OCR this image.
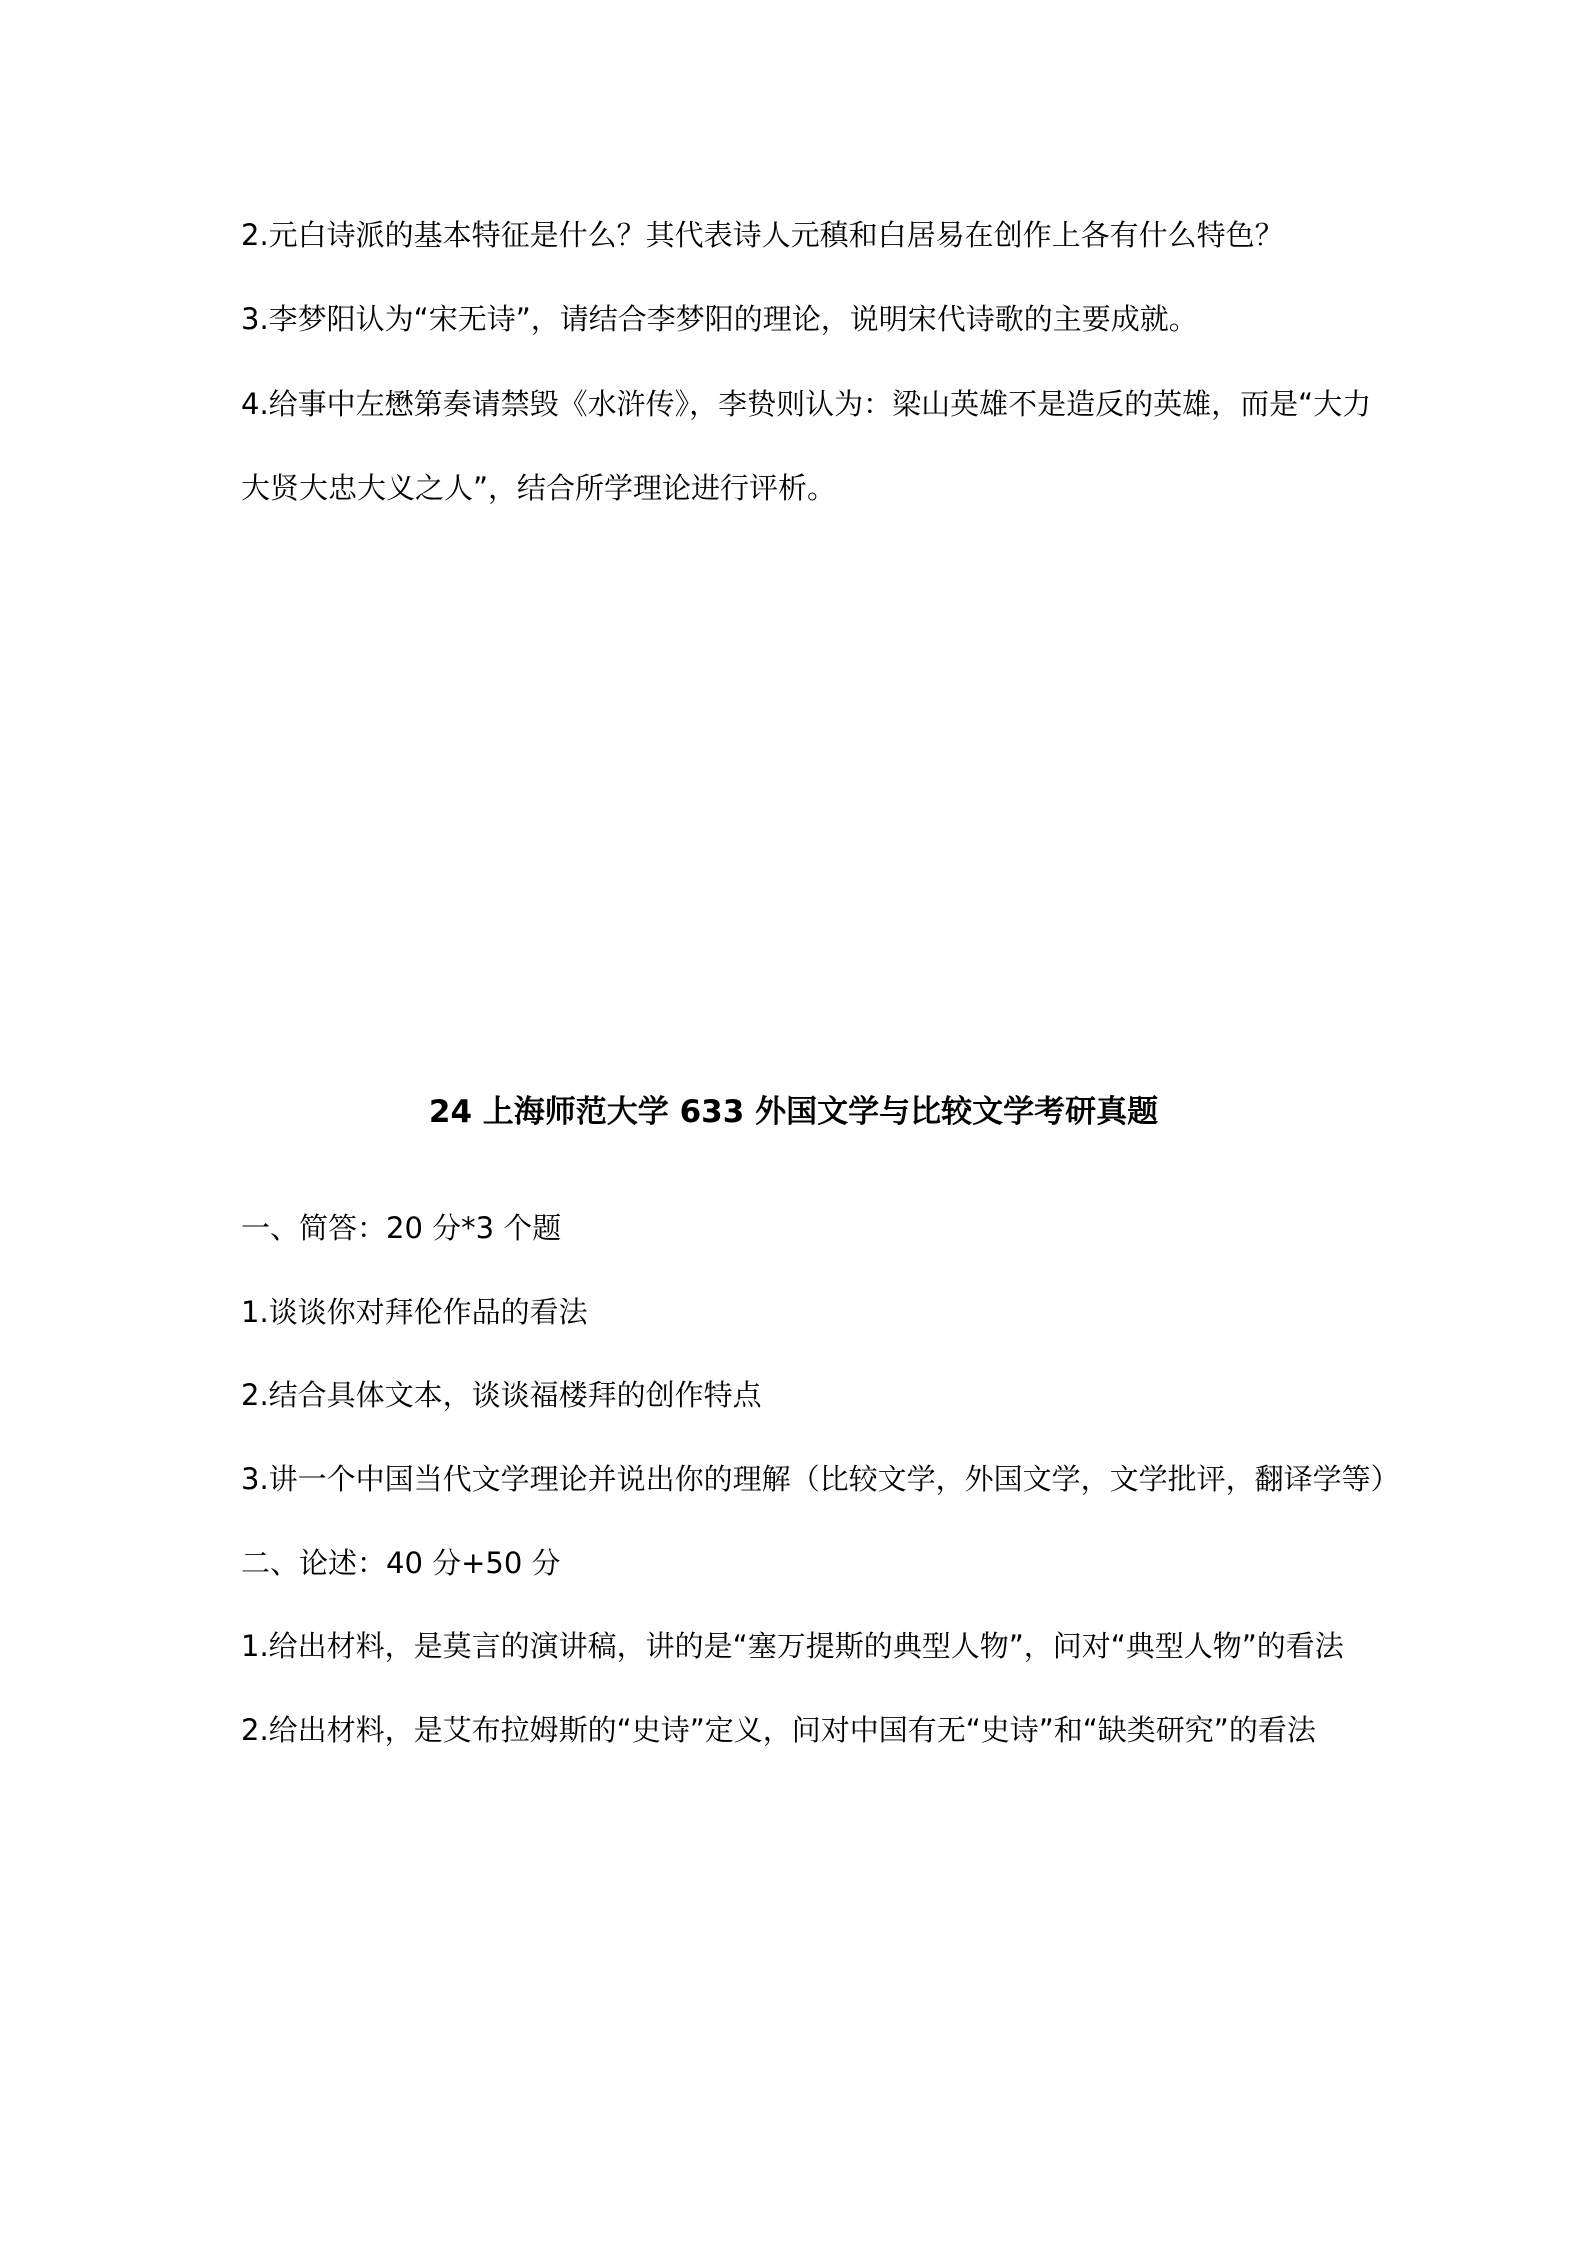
2.元白诗派的基本特征是什么？其代表诗人元稹和白居易在创作上各有什么特色？
3.李梦阳认为“宋无诗”，请结合李梦阳的理论，说明宋代诗歌的主要成就。
4.给事中左懋第奏请禁毁《水浒传》，李贽则认为：梁山英雄不是造反的英雄，而是“大力
大贤大忠大义之人”，结合所学理论进行评析。
24 上海师范大学 633 外国文学与比较文学考研真题
一、简答：20 分*3 个题
1.谈谈你对拜伦作品的看法
2.结合具体文本，谈谈福楼拜的创作特点
3.讲一个中国当代文学理论并说出你的理解（比较文学，外国文学，文学批评，翻译学等）
二、论述：40 分+50 分
1.给出材料，是莫言的演讲稿，讲的是“塞万提斯的典型人物”，问对“典型人物”的看法
2.给出材料，是艾布拉姆斯的“史诗”定义，问对中国有无“史诗”和“缺类研究”的看法
